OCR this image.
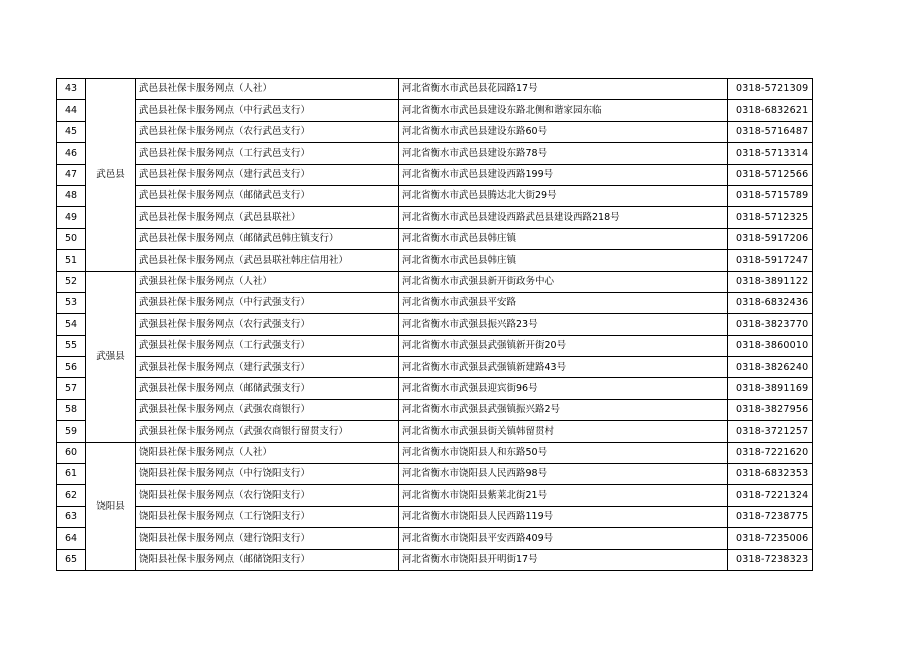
43	武邑县	武邑县社保卡服务网点（人社）	河北省衡水市武邑县花园路17号	0318-5721309
44		武邑县社保卡服务网点（中行武邑支行）	河北省衡水市武邑县建设东路北侧和谐家园东临	0318-6832621
45		武邑县社保卡服务网点（农行武邑支行）	河北省衡水市武邑县建设东路60号	0318-5716487
46		武邑县社保卡服务网点（工行武邑支行）	河北省衡水市武邑县建设东路78号	0318-5713314
47		武邑县社保卡服务网点（建行武邑支行）	河北省衡水市武邑县建设西路199号	0318-5712566
48		武邑县社保卡服务网点（邮储武邑支行）	河北省衡水市武邑县腾达北大街29号	0318-5715789
49		武邑县社保卡服务网点（武邑县联社）	河北省衡水市武邑县建设西路武邑县建设西路218号	0318-5712325
50		武邑县社保卡服务网点（邮储武邑韩庄镇支行）	河北省衡水市武邑县韩庄镇	0318-5917206
51		武邑县社保卡服务网点（武邑县联社韩庄信用社）	河北省衡水市武邑县韩庄镇	0318-5917247
52	武强县	武强县社保卡服务网点（人社）	河北省衡水市武强县新开街政务中心	0318-3891122
53		武强县社保卡服务网点（中行武强支行）	河北省衡水市武强县平安路	0318-6832436
54		武强县社保卡服务网点（农行武强支行）	河北省衡水市武强县振兴路23号	0318-3823770
55		武强县社保卡服务网点（工行武强支行）	河北省衡水市武强县武强镇新开街20号	0318-3860010
56		武强县社保卡服务网点（建行武强支行）	河北省衡水市武强县武强镇新建路43号	0318-3826240
57		武强县社保卡服务网点（邮储武强支行）	河北省衡水市武强县迎宾街96号	0318-3891169
58		武强县社保卡服务网点（武强农商银行）	河北省衡水市武强县武强镇振兴路2号	0318-3827956
59		武强县社保卡服务网点（武强农商银行留贯支行）	河北省衡水市武强县街关镇韩留贯村	0318-3721257
60	饶阳县	饶阳县社保卡服务网点（人社）	河北省衡水市饶阳县人和东路50号	0318-7221620
61		饶阳县社保卡服务网点（中行饶阳支行）	河北省衡水市饶阳县人民西路98号	0318-6832353
62		饶阳县社保卡服务网点（农行饶阳支行）	河北省衡水市饶阳县紫莱北街21号	0318-7221324
63		饶阳县社保卡服务网点（工行饶阳支行）	河北省衡水市饶阳县人民西路119号	0318-7238775
64		饶阳县社保卡服务网点（建行饶阳支行）	河北省衡水市饶阳县平安西路409号	0318-7235006
65		饶阳县社保卡服务网点（邮储饶阳支行）	河北省衡水市饶阳县开明街17号	0318-7238323
